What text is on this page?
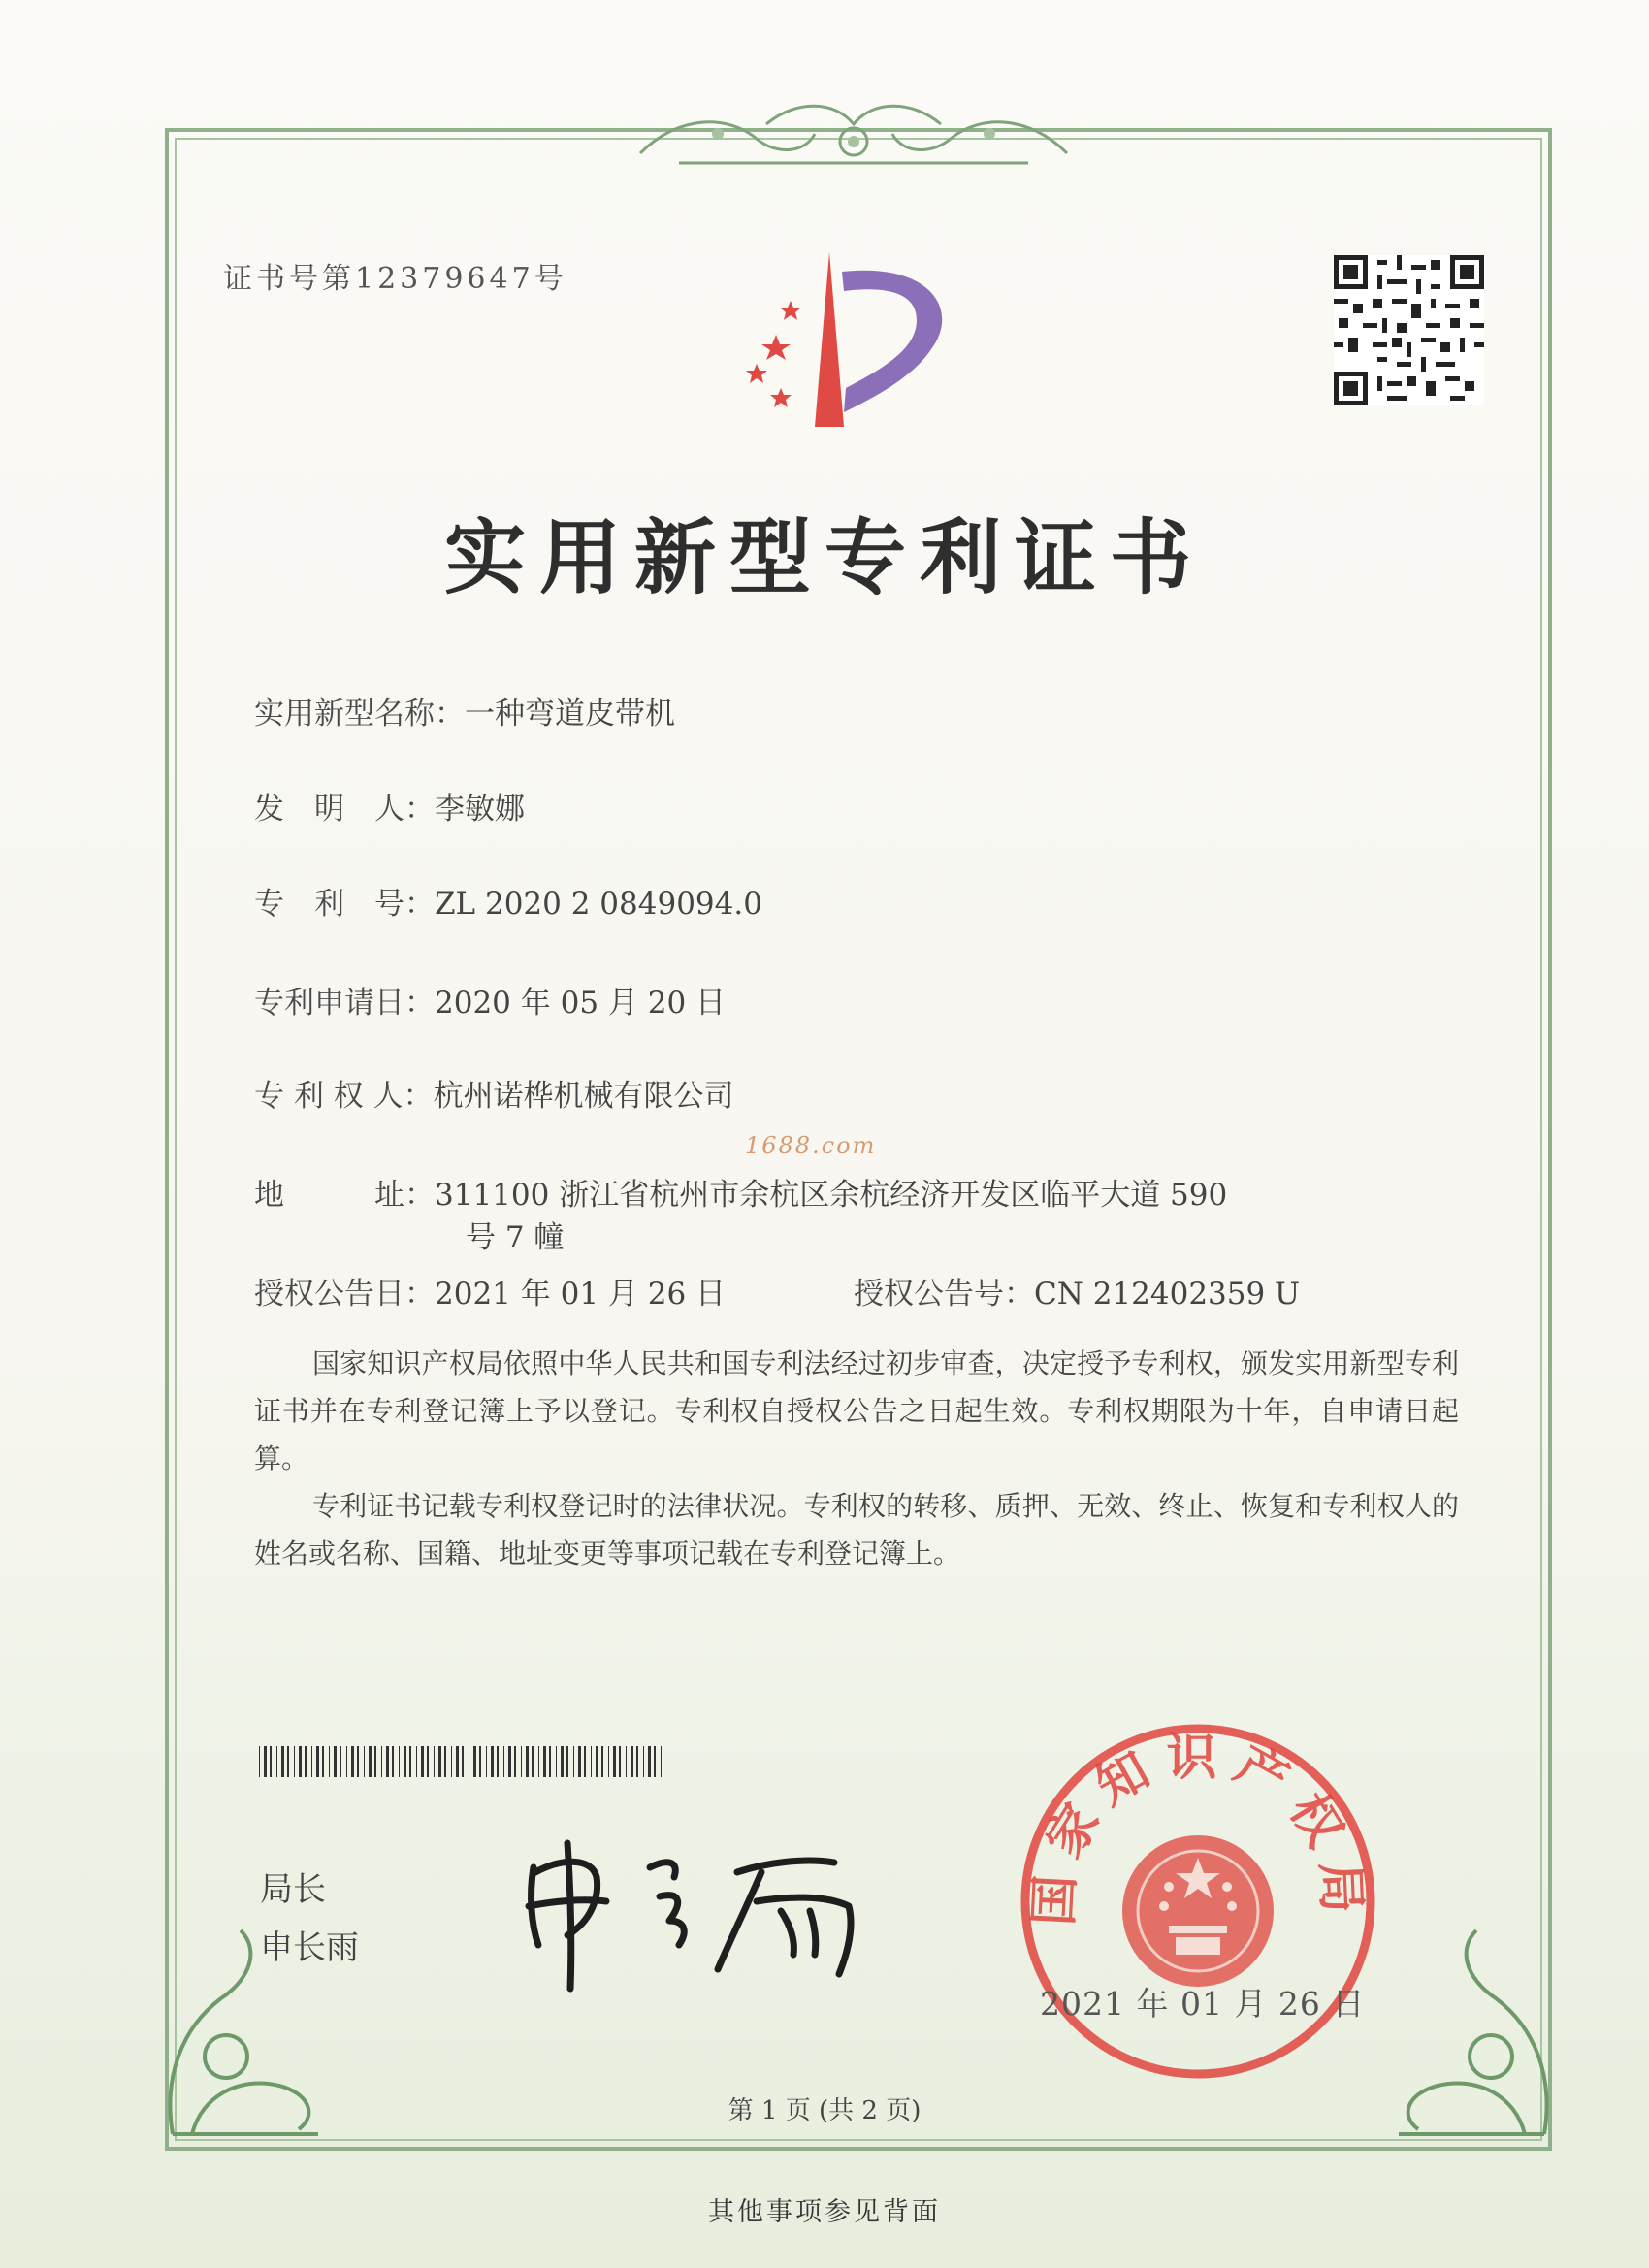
证书号第12379647号
实用新型专利证书
实用新型名称：一种弯道皮带机
发　明　人：李敏娜
专　利　号：ZL 2020 2 0849094.0
专利申请日：2020 年 05 月 20 日
专 利 权 人：杭州诺桦机械有限公司
1688.com
地　　　址：311100 浙江省杭州市余杭区余杭经济开发区临平大道 590
号 7 幢
授权公告日：2021 年 01 月 26 日	授权公告号：CN 212402359 U
国家知识产权局依照中华人民共和国专利法经过初步审查，决定授予专利权，颁发实用新型专利证书并在专利登记簿上予以登记。专利权自授权公告之日起生效。专利权期限为十年，自申请日起算。
专利证书记载专利权登记时的法律状况。专利权的转移、质押、无效、终止、恢复和专利权人的姓名或名称、国籍、地址变更等事项记载在专利登记簿上。
局长
申长雨
国家知识产权局
2021 年 01 月 26 日
第 1 页 (共 2 页)
其他事项参见背面
